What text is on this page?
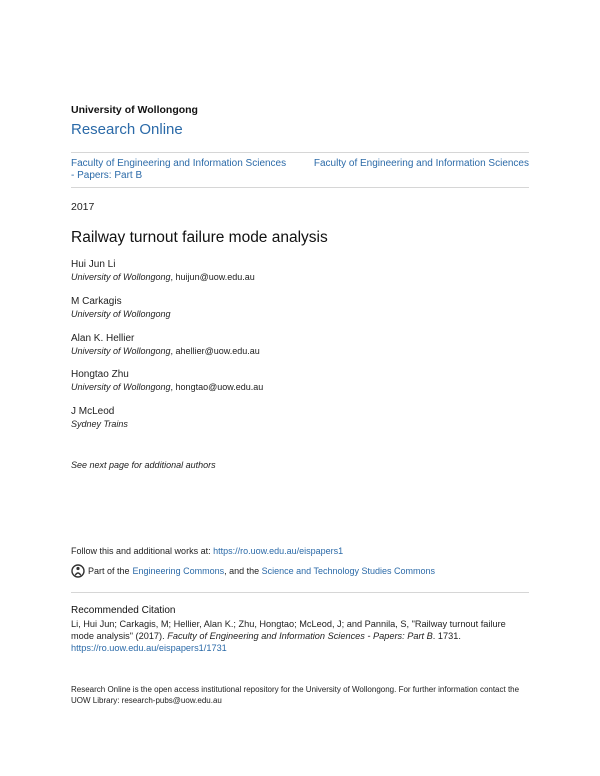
University of Wollongong
Research Online
Faculty of Engineering and Information Sciences - Papers: Part B
Faculty of Engineering and Information Sciences
2017
Railway turnout failure mode analysis
Hui Jun Li
University of Wollongong, huijun@uow.edu.au
M Carkagis
University of Wollongong
Alan K. Hellier
University of Wollongong, ahellier@uow.edu.au
Hongtao Zhu
University of Wollongong, hongtao@uow.edu.au
J McLeod
Sydney Trains
See next page for additional authors
Follow this and additional works at: https://ro.uow.edu.au/eispapers1
Part of the Engineering Commons , and the Science and Technology Studies Commons
Recommended Citation
Li, Hui Jun; Carkagis, M; Hellier, Alan K.; Zhu, Hongtao; McLeod, J; and Pannila, S, "Railway turnout failure mode analysis" (2017). Faculty of Engineering and Information Sciences - Papers: Part B. 1731.
https://ro.uow.edu.au/eispapers1/1731
Research Online is the open access institutional repository for the University of Wollongong. For further information contact the UOW Library: research-pubs@uow.edu.au
